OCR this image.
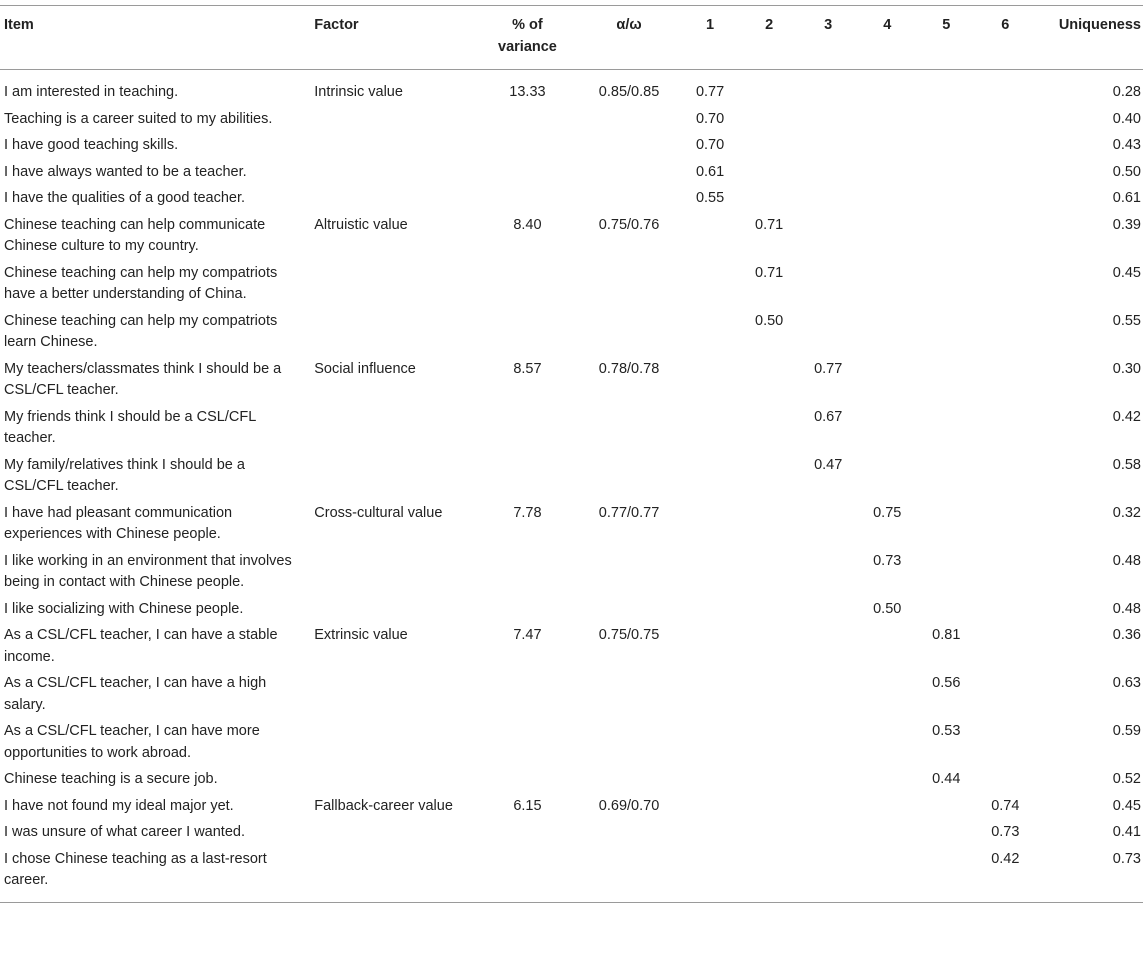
Item	Factor	% of variance	α/ω	1	2	3	4	5	6	Uniqueness
I am interested in teaching.	Intrinsic value	13.33	0.85/0.85	0.77						0.28
Teaching is a career suited to my abilities.				0.70						0.40
I have good teaching skills.				0.70						0.43
I have always wanted to be a teacher.				0.61						0.50
I have the qualities of a good teacher.				0.55						0.61
Chinese teaching can help communicate Chinese culture to my country.	Altruistic value	8.40	0.75/0.76		0.71					0.39
Chinese teaching can help my compatriots have a better understanding of China.					0.71					0.45
Chinese teaching can help my compatriots learn Chinese.					0.50					0.55
My teachers/classmates think I should be a CSL/CFL teacher.	Social influence	8.57	0.78/0.78			0.77				0.30
My friends think I should be a CSL/CFL teacher.						0.67				0.42
My family/relatives think I should be a CSL/CFL teacher.						0.47				0.58
I have had pleasant communication experiences with Chinese people.	Cross-cultural value	7.78	0.77/0.77				0.75			0.32
I like working in an environment that involves being in contact with Chinese people.							0.73			0.48
I like socializing with Chinese people.							0.50			0.48
As a CSL/CFL teacher, I can have a stable income.	Extrinsic value	7.47	0.75/0.75					0.81		0.36
As a CSL/CFL teacher, I can have a high salary.								0.56		0.63
As a CSL/CFL teacher, I can have more opportunities to work abroad.								0.53		0.59
Chinese teaching is a secure job.								0.44		0.52
I have not found my ideal major yet.	Fallback-career value	6.15	0.69/0.70						0.74	0.45
I was unsure of what career I wanted.									0.73	0.41
I chose Chinese teaching as a last-resort career.									0.42	0.73
